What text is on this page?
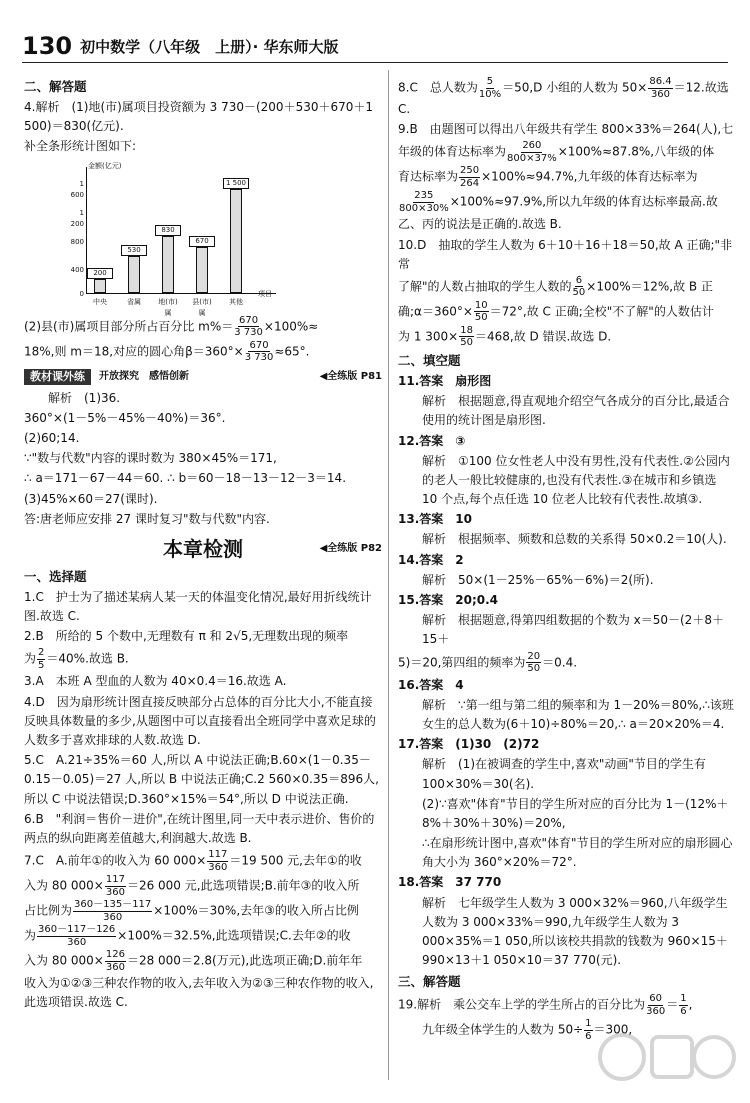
130 初中数学（八年级　上册）· 华东师大版
二、解答题
4.解析　(1)地(市)属项目投资额为 3 730－(200＋530＋670＋1 500)＝830(亿元).
补全条形统计图如下:
金额(亿元)
1 600
1 200
800
400
0	项目
200
中央
530
省属
830
地(市)属
670
县(市)属
1 500
其他
(2)县(市)属项目部分所占百分比 $m\%= \frac{670}{3 730} \times 100\%\approx$
18%,则 m＝18,对应的圆心角$\beta=360^\circ\times \frac{670}{3 730} \approx 65^\circ$.
教材课外练	开放探究　感悟创新	◀全练版 P81
解析　(1)36.
360°×(1－5%－45%－40%)＝36°.
(2)60;14.
∵"数与代数"内容的课时数为 380×45%＝171,
∴ a＝171－67－44＝60. ∴ b＝60－18－13－12－3＝14.
(3)45%×60＝27(课时).
答:唐老师应安排 27 课时复习"数与代数"内容.
本章检测	◀全练版 P82
一、选择题
1.C　护士为了描述某病人某一天的体温变化情况,最好用折线统计图.故选 C.
2.B　所给的 5 个数中,无理数有 π 和 2√5,无理数出现的频率
为 $\frac{2}{5} =40\%$.故选 B.
3.A　本班 A 型血的人数为 40×0.4＝16.故选 A.
4.D　因为扇形统计图直接反映部分占总体的百分比大小,不能直接反映具体数量的多少,从题图中可以直接看出全班同学中喜欢足球的人数多于喜欢排球的人数.故选 D.
5.C　A.21÷35%＝60 人,所以 A 中说法正确;B.60×(1－0.35－0.15－0.05)＝27 人,所以 B 中说法正确;C.2 560×0.35＝896人,所以 C 中说法错误;D.360°×15%＝54°,所以 D 中说法正确.
6.B　"利润＝售价－进价",在统计图里,同一天中表示进价、售价的两点的纵向距离差值越大,利润越大.故选 B.
7.C　A.前年①的收入为 60 $000\times \frac{117}{360} =19$ 500 元,去年①的收
入为 80 $000\times \frac{117}{360} =26$ 000 元,此选项错误;B.前年③的收入所
占比例为 $\frac{360-135-117}{360} \times 100\%=30\%$,去年③的收入所占比例
为 $\frac{360-117-126}{360} \times 100\%=32.5\%$,此选项错误;C.去年②的收
入为 80 $000\times \frac{126}{360} =28$ 000＝2.8(万元),此选项正确;D.前年年
收入为①②③三种农作物的收入,去年收入为②③三种农作物的收入,此选项错误.故选 C.
8.C　总人数为 $\frac{5}{10\%} =50,D$ 小组的人数为 $50\times \frac{86.4}{360} =12$.故选 C.
9.B　由题图可以得出八年级共有学生 800×33%＝264(人),七
年级的体育达标率为 $\frac{260}{800\times 37\%} \times 100\%\approx 87.8\%$,八年级的体
育达标率为 $\frac{250}{264} \times 100\%\approx 94.7\%$,九年级的体育达标率为
$\frac{235}{800\times 30\%} \times 100\%\approx 97.9\%$,所以九年级的体育达标率最高.故
乙、丙的说法是正确的.故选 B.
10.D　抽取的学生人数为 6＋10＋16＋18＝50,故 A 正确;"非常
了解"的人数占抽取的学生人数的 $\frac{6}{50} \times 100\%=12\%$,故 B 正
确;α＝360°× $\frac{10}{50} =72^\circ$,故 C 正确;全校"不了解"的人数估计
为 1 $300\times \frac{18}{50} =468$,故 D 错误.故选 D.
二、填空题
11.答案　扇形图
解析　根据题意,得直观地介绍空气各成分的百分比,最适合使用的统计图是扇形图.
12.答案　③
解析　①100 位女性老人中没有男性,没有代表性.②公园内的老人一般比较健康的,也没有代表性.③在城市和乡镇选 10 个点,每个点任选 10 位老人比较有代表性.故填③.
13.答案　10
解析　根据频率、频数和总数的关系得 50×0.2＝10(人).
14.答案　2
解析　50×(1－25%－65%－6%)＝2(所).
15.答案　20;0.4
解析　根据题意,得第四组数据的个数为 x＝50－(2＋8＋15＋
5)＝20,第四组的频率为 $\frac{20}{50} =0.4$.
16.答案　4
解析　∵第一组与第二组的频率和为 1－20%＝80%,∴该班女生的总人数为(6＋10)÷80%＝20,∴ a＝20×20%＝4.
17.答案　(1)30　(2)72
解析　(1)在被调查的学生中,喜欢"动画"节目的学生有 100×30%＝30(名).
(2)∵喜欢"体育"节目的学生所对应的百分比为 1－(12%＋8%＋30%＋30%)＝20%,
∴在扇形统计图中,喜欢"体育"节目的学生所对应的扇形圆心角大小为 360°×20%＝72°.
18.答案　37 770
解析　七年级学生人数为 3 000×32%＝960,八年级学生人数为 3 000×33%＝990,九年级学生人数为 3 000×35%＝1 050,所以该校共捐款的钱数为 960×15＋990×13＋1 050×10＝37 770(元).
三、解答题
19.解析　乘公交车上学的学生所占的百分比为 $\frac{60}{360} = \frac{1}{6}$ ,
九年级全体学生的人数为 $50\div \frac{1}{6} =300$,
